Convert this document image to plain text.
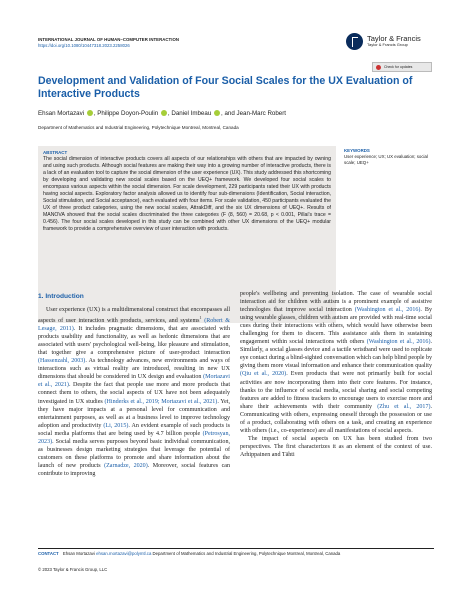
INTERNATIONAL JOURNAL OF HUMAN–COMPUTER INTERACTION
https://doi.org/10.1080/10447318.2023.2258026
Taylor & Francis
Taylor & Francis Group
Check for updates
Development and Validation of Four Social Scales for the UX Evaluation of Interactive Products
Ehsan Mortazavi , Philippe Doyon-Poulin , Daniel Imbeau , and Jean-Marc Robert
Department of Mathematics and Industrial Engineering, Polytechnique Montreal, Montreal, Canada
ABSTRACT

The social dimension of interactive products covers all aspects of our relationships with others that are impacted by owning and using such products. Although social features are making their way into a growing number of interactive products, there is a lack of an evaluation tool to capture the social dimension of the user experience (UX). This study addressed this shortcoming by developing and validating new social scales based on the UEQ+ framework. We developed four social scales to encompass various aspects within the social dimension. For scale development, 229 participants rated their UX with products having social aspects. Exploratory factor analysis allowed us to identify four sub-dimensions (Identification, Social interaction, Social stimulation, and Social acceptance), each evaluated with four items. For scale validation, 450 participants evaluated the UX of three product categories, using the new social scales, AttrakDiff, and the six UX dimensions of UEQ+. Results of MANOVA showed that the social scales discriminated the three categories (F (8, 560) = 20.68, p < 0.001, Pillai's trace = 0.456). The four social scales developed in this study can be combined with other UX dimensions of the UEQ+ modular framework to provide a comprehensive overview of user interaction with products.

KEYWORDS
User experience; UX; UX evaluation; social scale; UEQ+
1. Introduction

User experience (UX) is a multidimensional construct that encompasses all aspects of user interaction with products, services, and systems$^1$ (Robert & Lesage, 2011). It includes pragmatic dimensions, that are associated with products usability and functionality, as well as hedonic dimensions that are associated with users' psychological well-being, like pleasure and stimulation, that together give a comprehensive picture of user-product interaction (Hassenzahl, 2003). As technology advances, new environments and ways of interactions such as virtual reality are introduced, resulting in new UX dimensions that should be considered in UX design and evaluation (Mortazavi et al., 2021). Despite the fact that people use more and more products that connect them to others, the social aspects of UX have not been adequately investigated in UX studies (Hinderks et al., 2019; Mortazavi et al., 2021). Yet, they have major impacts at a personal level for communication and entertainment purposes, as well as at a business level to improve technology adoption and productivity (Li, 2015). An evident example of such products is social media platforms that are being used by 4.7 billion people (Petrosyan, 2023). Social media serves purposes beyond basic individual communication, as businesses design marketing strategies that leverage the potential of customers on these platforms to promote and share information about the launch of new products (Zarnadze, 2020). Moreover, social features can contribute to improving

people's wellbeing and preventing isolation. The case of wearable social interaction aid for children with autism is a prominent example of assistive technologies that improve social interaction (Washington et al., 2016). By using wearable glasses, children with autism are provided with real-time social cues during their interactions with others, which would have otherwise been challenging for them to discern. This assistance aids them in sustaining engagement within social interactions with others (Washington et al., 2016). Similarly, a social glasses device and a tactile wristband were used to replicate eye contact during a blind-sighted conversation which can help blind people by giving them more visual information and enhance their communication quality (Qiu et al., 2020). Even products that were not primarily built for social activities are now incorporating them into their core features. For instance, thanks to the influence of social media, social sharing and social competing features are added to fitness trackers to encourage users to exercise more and share their achievements with their community (Zhu et al., 2017). Communicating with others, expressing oneself through the possession or use of a product, collaborating with others on a task, and creating an experience with others (i.e., co-experience) are all manifestations of social aspects.

The impact of social aspects on UX has been studied from two perspectives. The first characterizes it as an element of the context of use. Arhippainen and Tähti

CONTACT Ehsan Mortazavi ehsan.mortazavi@polymtl.ca Department of Mathematics and Industrial Engineering, Polytechnique Montreal, Montreal, Canada
© 2023 Taylor & Francis Group, LLC
